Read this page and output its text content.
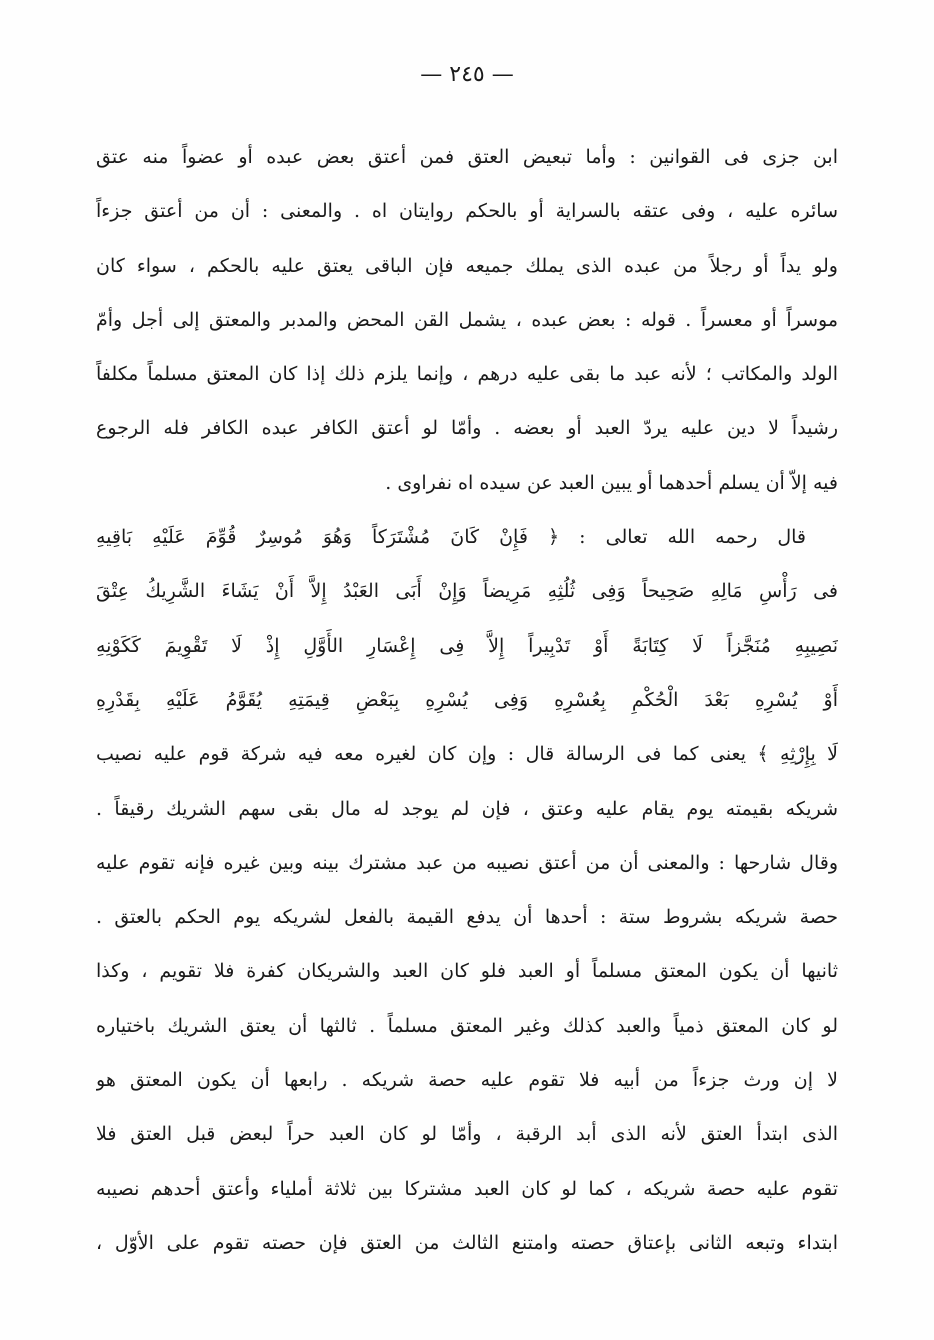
— ٢٤٥ —
ابن جزى فى القوانين : وأما تبعيض العتق فمن أعتق بعض عبده أو عضواً منه عتق
سائره عليه ، وفى عتقه بالسراية أو بالحكم روايتان اه . والمعنى : أن من أعتق جزءاً
ولو يداً أو رجلاً من عبده الذى يملك جميعه فإن الباقى يعتق عليه بالحكم ، سواء كان
موسراً أو معسراً . قوله : بعض عبده ، يشمل القن المحض والمدبر والمعتق إلى أجل وأمّ
الولد والمكاتب ؛ لأنه عبد ما بقى عليه درهم ، وإنما يلزم ذلك إذا كان المعتق مسلماً مكلفاً
رشيداً لا دين عليه يردّ العبد أو بعضه . وأمّا لو أعتق الكافر عبده الكافر فله الرجوع
فيه إلاّ أن يسلم أحدهما أو يبين العبد عن سيده اه نفراوى .
قال رحمه الله تعالى : ﴿ فَإِنْ كَانَ مُشْتَرَكاً وَهُوَ مُوسِرٌ قُوِّمَ عَلَيْهِ بَاقِيهِ
فى رَأْسِ مَالِهِ صَحِيحاً وَفِى ثُلُثِهِ مَرِيضاً وَإِنْ أَبَى العَبْدُ إِلاَّ أَنْ يَشَاءَ الشَّرِيكُ عِتْقَ
نَصِيبِهِ مُنَجَّزاً لَا كِتَابَةً أَوْ تَدْبِيراً إِلاَّ فِى إِعْسَارِ الأَوَّلِ إِذْ لَا تَقْوِيمَ كَكَوْنِهِ
أَوْ يُسْرِهِ بَعْدَ الْحُكْمِ بِعُسْرِهِ وَفِى يُسْرِهِ بِبَعْضِ قِيمَتِهِ يُقَوَّمُ عَلَيْهِ بِقَدْرِهِ
لَا بِإِرْثِهِ ﴾ يعنى كما فى الرسالة قال : وإن كان لغيره معه فيه شركة قوم عليه نصيب
شريكه بقيمته يوم يقام عليه وعتق ، فإن لم يوجد له مال بقى سهم الشريك رقيقاً .
وقال شارحها : والمعنى أن من أعتق نصيبه من عبد مشترك بينه وبين غيره فإنه تقوم عليه
حصة شريكه بشروط ستة : أحدها أن يدفع القيمة بالفعل لشريكه يوم الحكم بالعتق .
ثانيها أن يكون المعتق مسلماً أو العبد فلو كان العبد والشريكان كفرة فلا تقويم ، وكذا
لو كان المعتق ذمياً والعبد كذلك وغير المعتق مسلماً . ثالثها أن يعتق الشريك باختياره
لا إن ورث جزءاً من أبيه فلا تقوم عليه حصة شريكه . رابعها أن يكون المعتق هو
الذى ابتدأ العتق لأنه الذى أبد الرقبة ، وأمّا لو كان العبد حراً لبعض قبل العتق فلا
تقوم عليه حصة شريكه ، كما لو كان العبد مشتركا بين ثلاثة أملياء وأعتق أحدهم نصيبه
ابتداء وتبعه الثانى بإعتاق حصته وامتنع الثالث من العتق فإن حصته تقوم على الأوّل ،
